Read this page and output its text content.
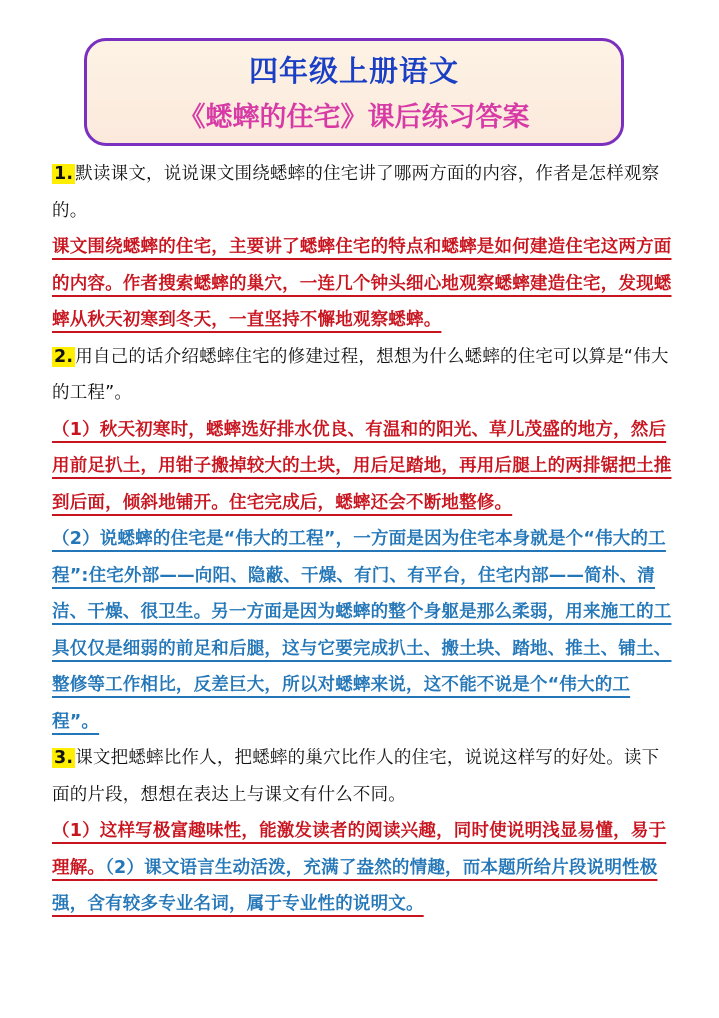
四年级上册语文
《蟋蟀的住宅》课后练习答案

1. 默读课文，说说课文围绕蟋蟀的住宅讲了哪两方面的内容，作者是怎样观察的。

课文围绕蟋蟀的住宅，主要讲了蟋蟀住宅的特点和蟋蟀是如何建造住宅这两方面的内容。作者搜索蟋蟀的巢穴，一连几个钟头细心地观察蟋蟀建造住宅，发现蟋蟀从秋天初寒到冬天，一直坚持不懈地观察蟋蟀。

2. 用自己的话介绍蟋蟀住宅的修建过程，想想为什么蟋蟀的住宅可以算是“伟大的工程”。

（1）秋天初寒时，蟋蟀选好排水优良、有温和的阳光、草儿茂盛的地方，然后用前足扒土，用钳子搬掉较大的土块，用后足踏地，再用后腿上的两排锯把土推到后面，倾斜地铺开。住宅完成后，蟋蟀还会不断地整修。

（2）说蟋蟀的住宅是“伟大的工程”，一方面是因为住宅本身就是个“伟大的工程”:住宅外部——向阳、隐蔽、干燥、有门、有平台，住宅内部——简朴、清洁、干燥、很卫生。另一方面是因为蟋蟀的整个身躯是那么柔弱，用来施工的工具仅仅是细弱的前足和后腿，这与它要完成扒土、搬土块、踏地、推土、铺土、整修等工作相比，反差巨大，所以对蟋蟀来说，这不能不说是个“伟大的工程”。

3. 课文把蟋蟀比作人，把蟋蟀的巢穴比作人的住宅，说说这样写的好处。读下面的片段，想想在表达上与课文有什么不同。

（1）这样写极富趣味性，能激发读者的阅读兴趣，同时使说明浅显易懂，易于理解。（2）课文语言生动活泼，充满了盎然的情趣，而本题所给片段说明性极强，含有较多专业名词，属于专业性的说明文。
